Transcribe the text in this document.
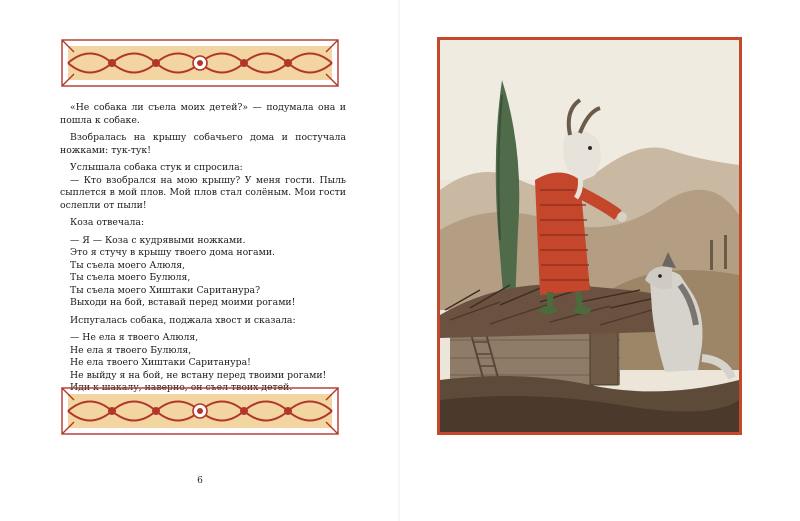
«Не собака ли съела моих детей?» — подумала она и пошла к собаке.

Взобралась на крышу собачьего дома и постучала ножками: тук-тук!

Услышала собака стук и спросила:

— Кто взобрался на мою крышу? У меня гости. Пыль сыплется в мой плов. Мой плов стал солёным. Мои гости ослепли от пыли!

Коза отвечала:

— Я — Коза с кудрявыми ножками.

Это я стучу в крышу твоего дома ногами.

Ты съела моего Алюля,

Ты съела моего Булюля,

Ты съела моего Хиштаки Саританура?

Выходи на бой, вставай перед моими рогами!

Испугалась собака, поджала хвост и сказала:

— Не ела я твоего Алюля,

Не ела я твоего Булюля,

Не ела твоего Хиштаки Саританура!

Не выйду я на бой, не встану перед твоими рогами!

Иди к шакалу, наверно, он съел твоих детей.

6
